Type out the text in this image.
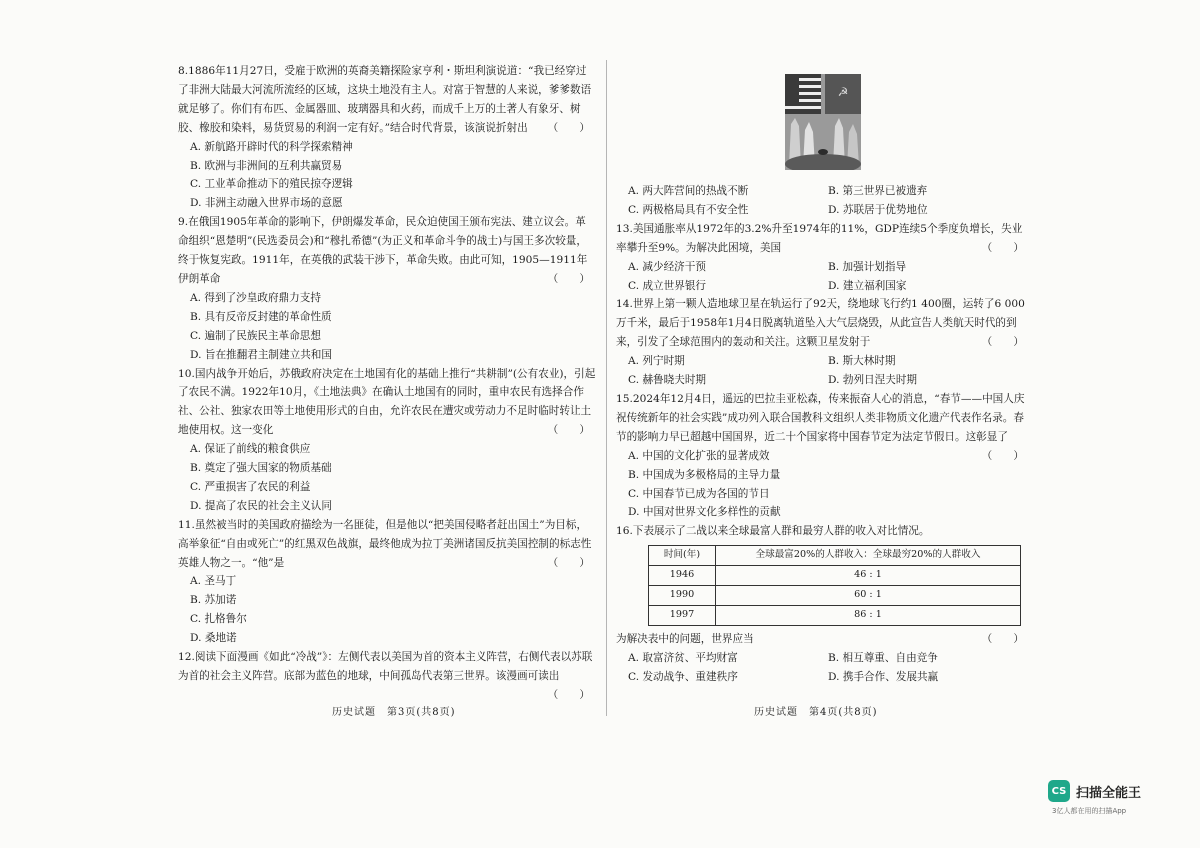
8.1886年11月27日，受雇于欧洲的英裔美籍探险家亨利・斯坦利演说道：“我已经穿过了非洲大陆最大河流所流经的区域，这块土地没有主人。对富于智慧的人来说，爹爹数语就足够了。你们有布匹、金属器皿、玻璃器具和火药，而成千上万的土著人有象牙、树胶、橡胶和染料，易货贸易的利润一定有好。”结合时代背景，该演说折射出 （　　）
A. 新航路开辟时代的科学探索精神
B. 欧洲与非洲间的互利共赢贸易
C. 工业革命推动下的殖民掠夺逻辑
D. 非洲主动融入世界市场的意愿
9.在俄国1905年革命的影响下，伊朗爆发革命，民众迫使国王颁布宪法、建立议会。革命组织“恩楚明”(民选委员会)和“穆扎希德”(为正义和革命斗争的战士)与国王多次较量，终于恢复宪政。1911年，在英俄的武装干涉下，革命失败。由此可知，1905—1911年伊朗革命	（　　）
A. 得到了沙皇政府鼎力支持
B. 具有反帝反封建的革命性质
C. 遍制了民族民主革命思想
D. 旨在推翻君主制建立共和国
10.国内战争开始后，苏俄政府决定在土地国有化的基础上推行“共耕制”(公有农业)，引起了农民不满。1922年10月，《土地法典》在确认土地国有的同时，重申农民有选择合作社、公社、独家农田等土地使用形式的自由，允许农民在遭灾或劳动力不足时临时转让土地使用权。这一变化	（　　）
A. 保证了前线的粮食供应
B. 奠定了强大国家的物质基础
C. 严重损害了农民的利益
D. 提高了农民的社会主义认同
11.虽然被当时的美国政府描绘为一名匪徒，但是他以“把美国侵略者赶出国土”为目标，高举象征“自由或死亡”的红黑双色战旗，最终他成为拉丁美洲诸国反抗美国控制的标志性英雄人物之一。“他”是	（　　）
A. 圣马丁
B. 苏加诺
C. 扎格鲁尔
D. 桑地诺
12.阅读下面漫画《如此“冷战”》：左侧代表以美国为首的资本主义阵营，右侧代表以苏联为首的社会主义阵营。底部为蓝色的地球，中间孤岛代表第三世界。该漫画可读出
（　　）
历史试题　第3页(共8页)
☭
A. 两大阵营间的热战不断	B. 第三世界已被遗弃
C. 两极格局具有不安全性	D. 苏联居于优势地位
13.美国通胀率从1972年的3.2%升至1974年的11%，GDP连续5个季度负增长，失业率攀升至9%。为解决此困境，美国	（　　）
A. 减少经济干预	B. 加强计划指导
C. 成立世界银行	D. 建立福利国家
14.世界上第一颗人造地球卫星在轨运行了92天，绕地球飞行约1 400圈，运转了6 000万千米，最后于1958年1月4日脱离轨道坠入大气层烧毁，从此宣告人类航天时代的到来，引发了全球范围内的轰动和关注。这颗卫星发射于	（　　）
A. 列宁时期	B. 斯大林时期
C. 赫鲁晓夫时期	D. 勃列日涅夫时期
15.2024年12月4日，遥远的巴拉圭亚松森，传来振奋人心的消息，“春节——中国人庆祝传统新年的社会实践”成功列入联合国教科文组织人类非物质文化遗产代表作名录。春节的影响力早已超越中国国界，近二十个国家将中国春节定为法定节假日。这彰显了
（　　）
A. 中国的文化扩张的显著成效
B. 中国成为多极格局的主导力量
C. 中国春节已成为各国的节日
D. 中国对世界文化多样性的贡献
16.下表展示了二战以来全球最富人群和最穷人群的收入对比情况。
时间(年)	全球最富20%的人群收入：全球最穷20%的人群收入
1946	46 : 1
1990	60 : 1
1997	86 : 1
为解决表中的问题，世界应当	（　　）
A. 取富济贫、平均财富	B. 相互尊重、自由竞争
C. 发动战争、重建秩序	D. 携手合作、发展共赢
历史试题　第4页(共8页)
CS 扫描全能王
3亿人都在用的扫描App
